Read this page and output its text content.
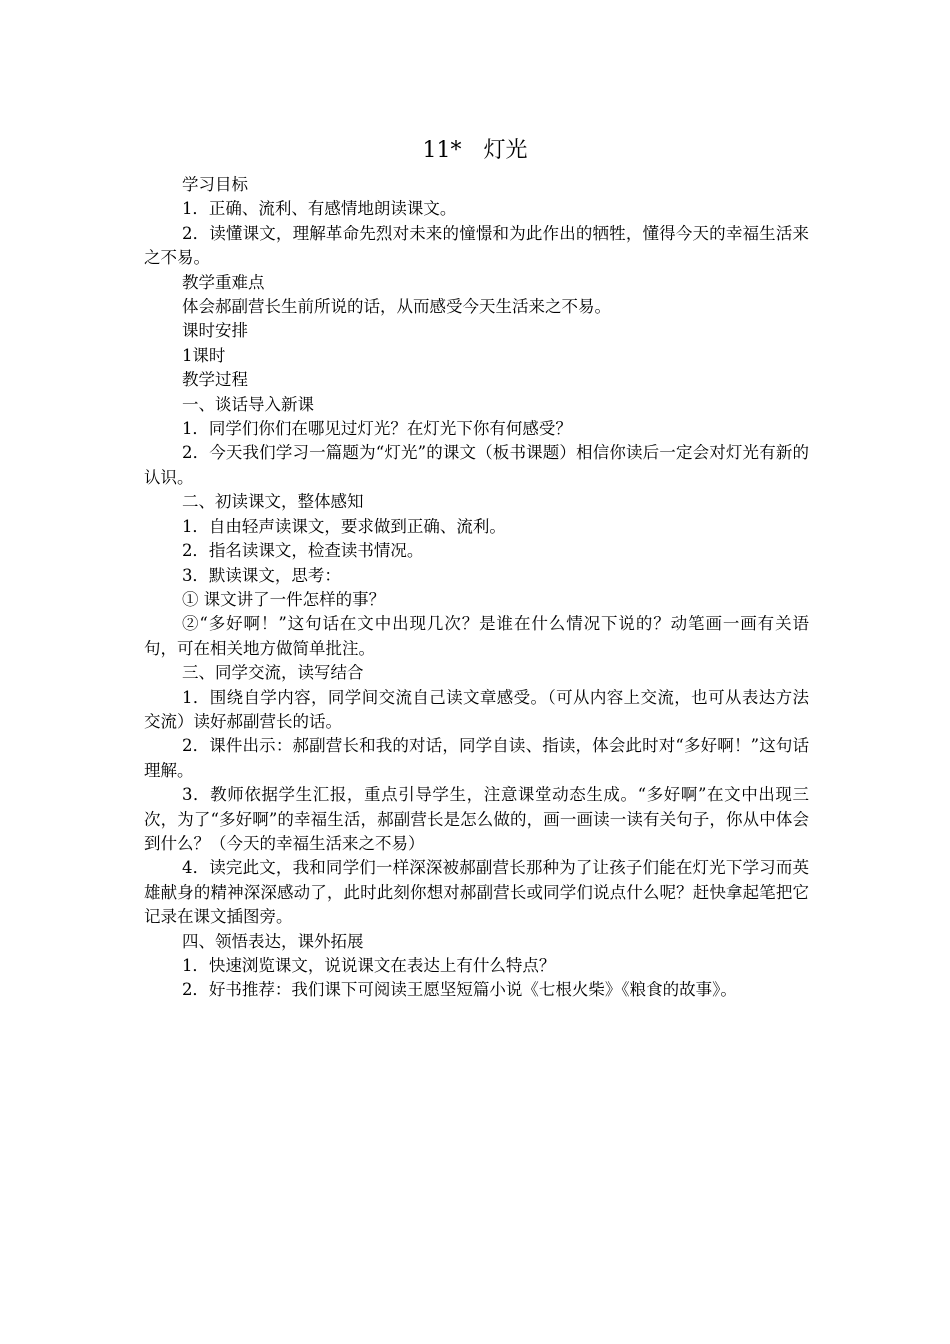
11*　灯光

学习目标

1．正确、流利、有感情地朗读课文。

2．读懂课文，理解革命先烈对未来的憧憬和为此作出的牺牲，懂得今天的幸福生活来之不易。

教学重难点

体会郝副营长生前所说的话，从而感受今天生活来之不易。

课时安排

1课时

教学过程

一、谈话导入新课

1．同学们你们在哪见过灯光？在灯光下你有何感受？

2．今天我们学习一篇题为“灯光”的课文（板书课题）相信你读后一定会对灯光有新的认识。

二、初读课文，整体感知

1．自由轻声读课文，要求做到正确、流利。

2．指名读课文，检查读书情况。

3．默读课文，思考：

① 课文讲了一件怎样的事？

②“多好啊！”这句话在文中出现几次？是谁在什么情况下说的？动笔画一画有关语句，可在相关地方做简单批注。

三、同学交流，读写结合

1．围绕自学内容，同学间交流自己读文章感受。（可从内容上交流，也可从表达方法交流）读好郝副营长的话。

2．课件出示：郝副营长和我的对话，同学自读、指读，体会此时对“多好啊！”这句话理解。

3．教师依据学生汇报，重点引导学生，注意课堂动态生成。“多好啊”在文中出现三次，为了“多好啊”的幸福生活，郝副营长是怎么做的，画一画读一读有关句子，你从中体会到什么？（今天的幸福生活来之不易）

4．读完此文，我和同学们一样深深被郝副营长那种为了让孩子们能在灯光下学习而英雄献身的精神深深感动了，此时此刻你想对郝副营长或同学们说点什么呢？赶快拿起笔把它记录在课文插图旁。

四、领悟表达，课外拓展

1．快速浏览课文，说说课文在表达上有什么特点？

2．好书推荐：我们课下可阅读王愿坚短篇小说《七根火柴》《粮食的故事》。
